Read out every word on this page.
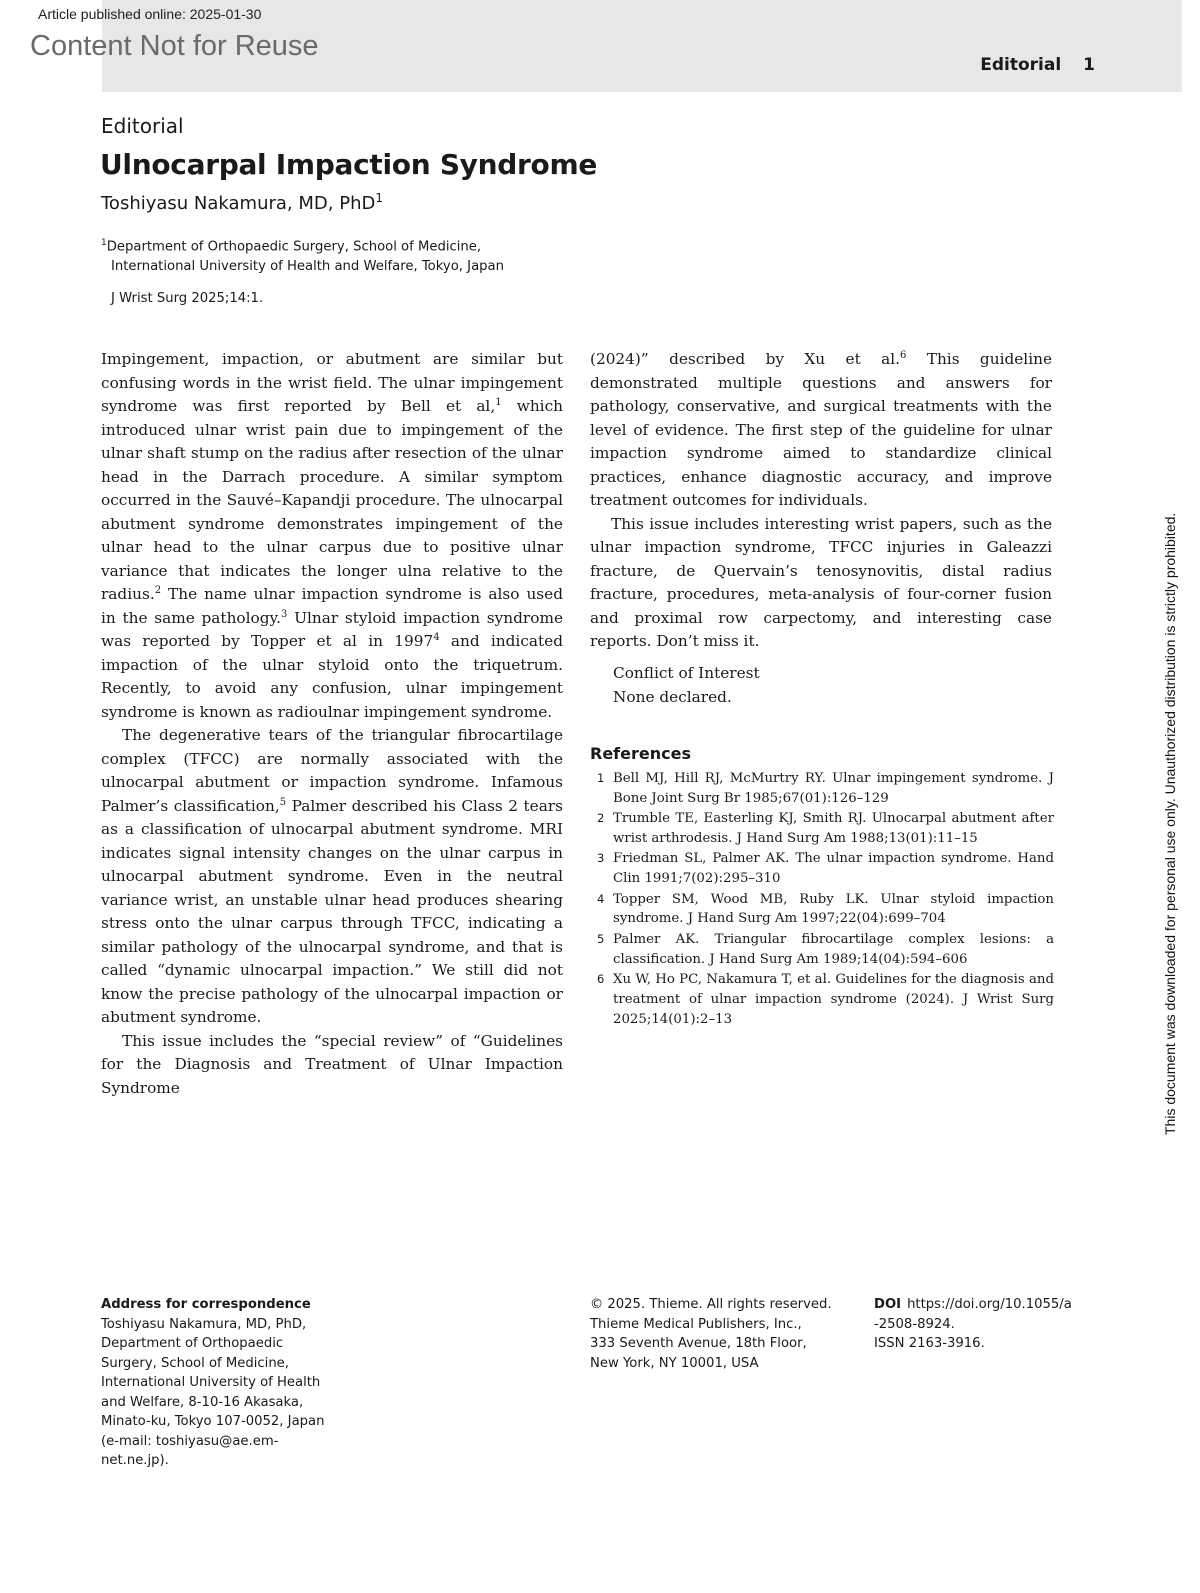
Article published online: 2025-01-30
Content Not for Reuse
Editorial 1
This document was downloaded for personal use only. Unauthorized distribution is strictly prohibited.
Editorial
Ulnocarpal Impaction Syndrome
Toshiyasu Nakamura, MD, PhD$^1$
$^1$Department of Orthopaedic Surgery, School of Medicine,
International University of Health and Welfare, Tokyo, Japan
J Wrist Surg 2025;14:1.

Impingement, impaction, or abutment are similar but confusing words in the wrist field. The ulnar impingement syndrome was first reported by Bell et al,$^1$ which introduced ulnar wrist pain due to impingement of the ulnar shaft stump on the radius after resection of the ulnar head in the Darrach procedure. A similar symptom occurred in the Sauvé–Kapandji procedure. The ulnocarpal abutment syndrome demonstrates impingement of the ulnar head to the ulnar carpus due to positive ulnar variance that indicates the longer ulna relative to the radius.$^2$ The name ulnar impaction syndrome is also used in the same pathology.$^3$ Ulnar styloid impaction syndrome was reported by Topper et al in 1997$^4$ and indicated impaction of the ulnar styloid onto the triquetrum. Recently, to avoid any confusion, ulnar impingement syndrome is known as radioulnar impingement syndrome.

The degenerative tears of the triangular fibrocartilage complex (TFCC) are normally associated with the ulnocarpal abutment or impaction syndrome. Infamous Palmer’s classification,$^5$ Palmer described his Class 2 tears as a classification of ulnocarpal abutment syndrome. MRI indicates signal intensity changes on the ulnar carpus in ulnocarpal abutment syndrome. Even in the neutral variance wrist, an unstable ulnar head produces shearing stress onto the ulnar carpus through TFCC, indicating a similar pathology of the ulnocarpal syndrome, and that is called “dynamic ulnocarpal impaction.” We still did not know the precise pathology of the ulnocarpal impaction or abutment syndrome.

This issue includes the “special review” of “Guidelines for the Diagnosis and Treatment of Ulnar Impaction Syndrome

(2024)” described by Xu et al.$^6$ This guideline demonstrated multiple questions and answers for pathology, conservative, and surgical treatments with the level of evidence. The first step of the guideline for ulnar impaction syndrome aimed to standardize clinical practices, enhance diagnostic accuracy, and improve treatment outcomes for individuals.

This issue includes interesting wrist papers, such as the ulnar impaction syndrome, TFCC injuries in Galeazzi fracture, de Quervain’s tenosynovitis, distal radius fracture, procedures, meta-analysis of four-corner fusion and proximal row carpectomy, and interesting case reports. Don’t miss it.

Conflict of Interest
None declared.
References
1 Bell MJ, Hill RJ, McMurtry RY. Ulnar impingement syndrome. J Bone Joint Surg Br 1985;67(01):126–129
2 Trumble TE, Easterling KJ, Smith RJ. Ulnocarpal abutment after wrist arthrodesis. J Hand Surg Am 1988;13(01):11–15
3 Friedman SL, Palmer AK. The ulnar impaction syndrome. Hand Clin 1991;7(02):295–310
4 Topper SM, Wood MB, Ruby LK. Ulnar styloid impaction syndrome. J Hand Surg Am 1997;22(04):699–704
5 Palmer AK. Triangular fibrocartilage complex lesions: a classification. J Hand Surg Am 1989;14(04):594–606
6 Xu W, Ho PC, Nakamura T, et al. Guidelines for the diagnosis and treatment of ulnar impaction syndrome (2024). J Wrist Surg 2025;14(01):2–13
Address for correspondence
Toshiyasu Nakamura, MD, PhD, Department of Orthopaedic Surgery, School of Medicine, International University of Health and Welfare, 8-10-16 Akasaka, Minato-ku, Tokyo 107-0052, Japan (e-mail: toshiyasu@ae.em-net.ne.jp).
© 2025. Thieme. All rights reserved.
Thieme Medical Publishers, Inc.,
333 Seventh Avenue, 18th Floor,
New York, NY 10001, USA
DOI https://doi.org/10.1055/a-2508-8924.
ISSN 2163-3916.
